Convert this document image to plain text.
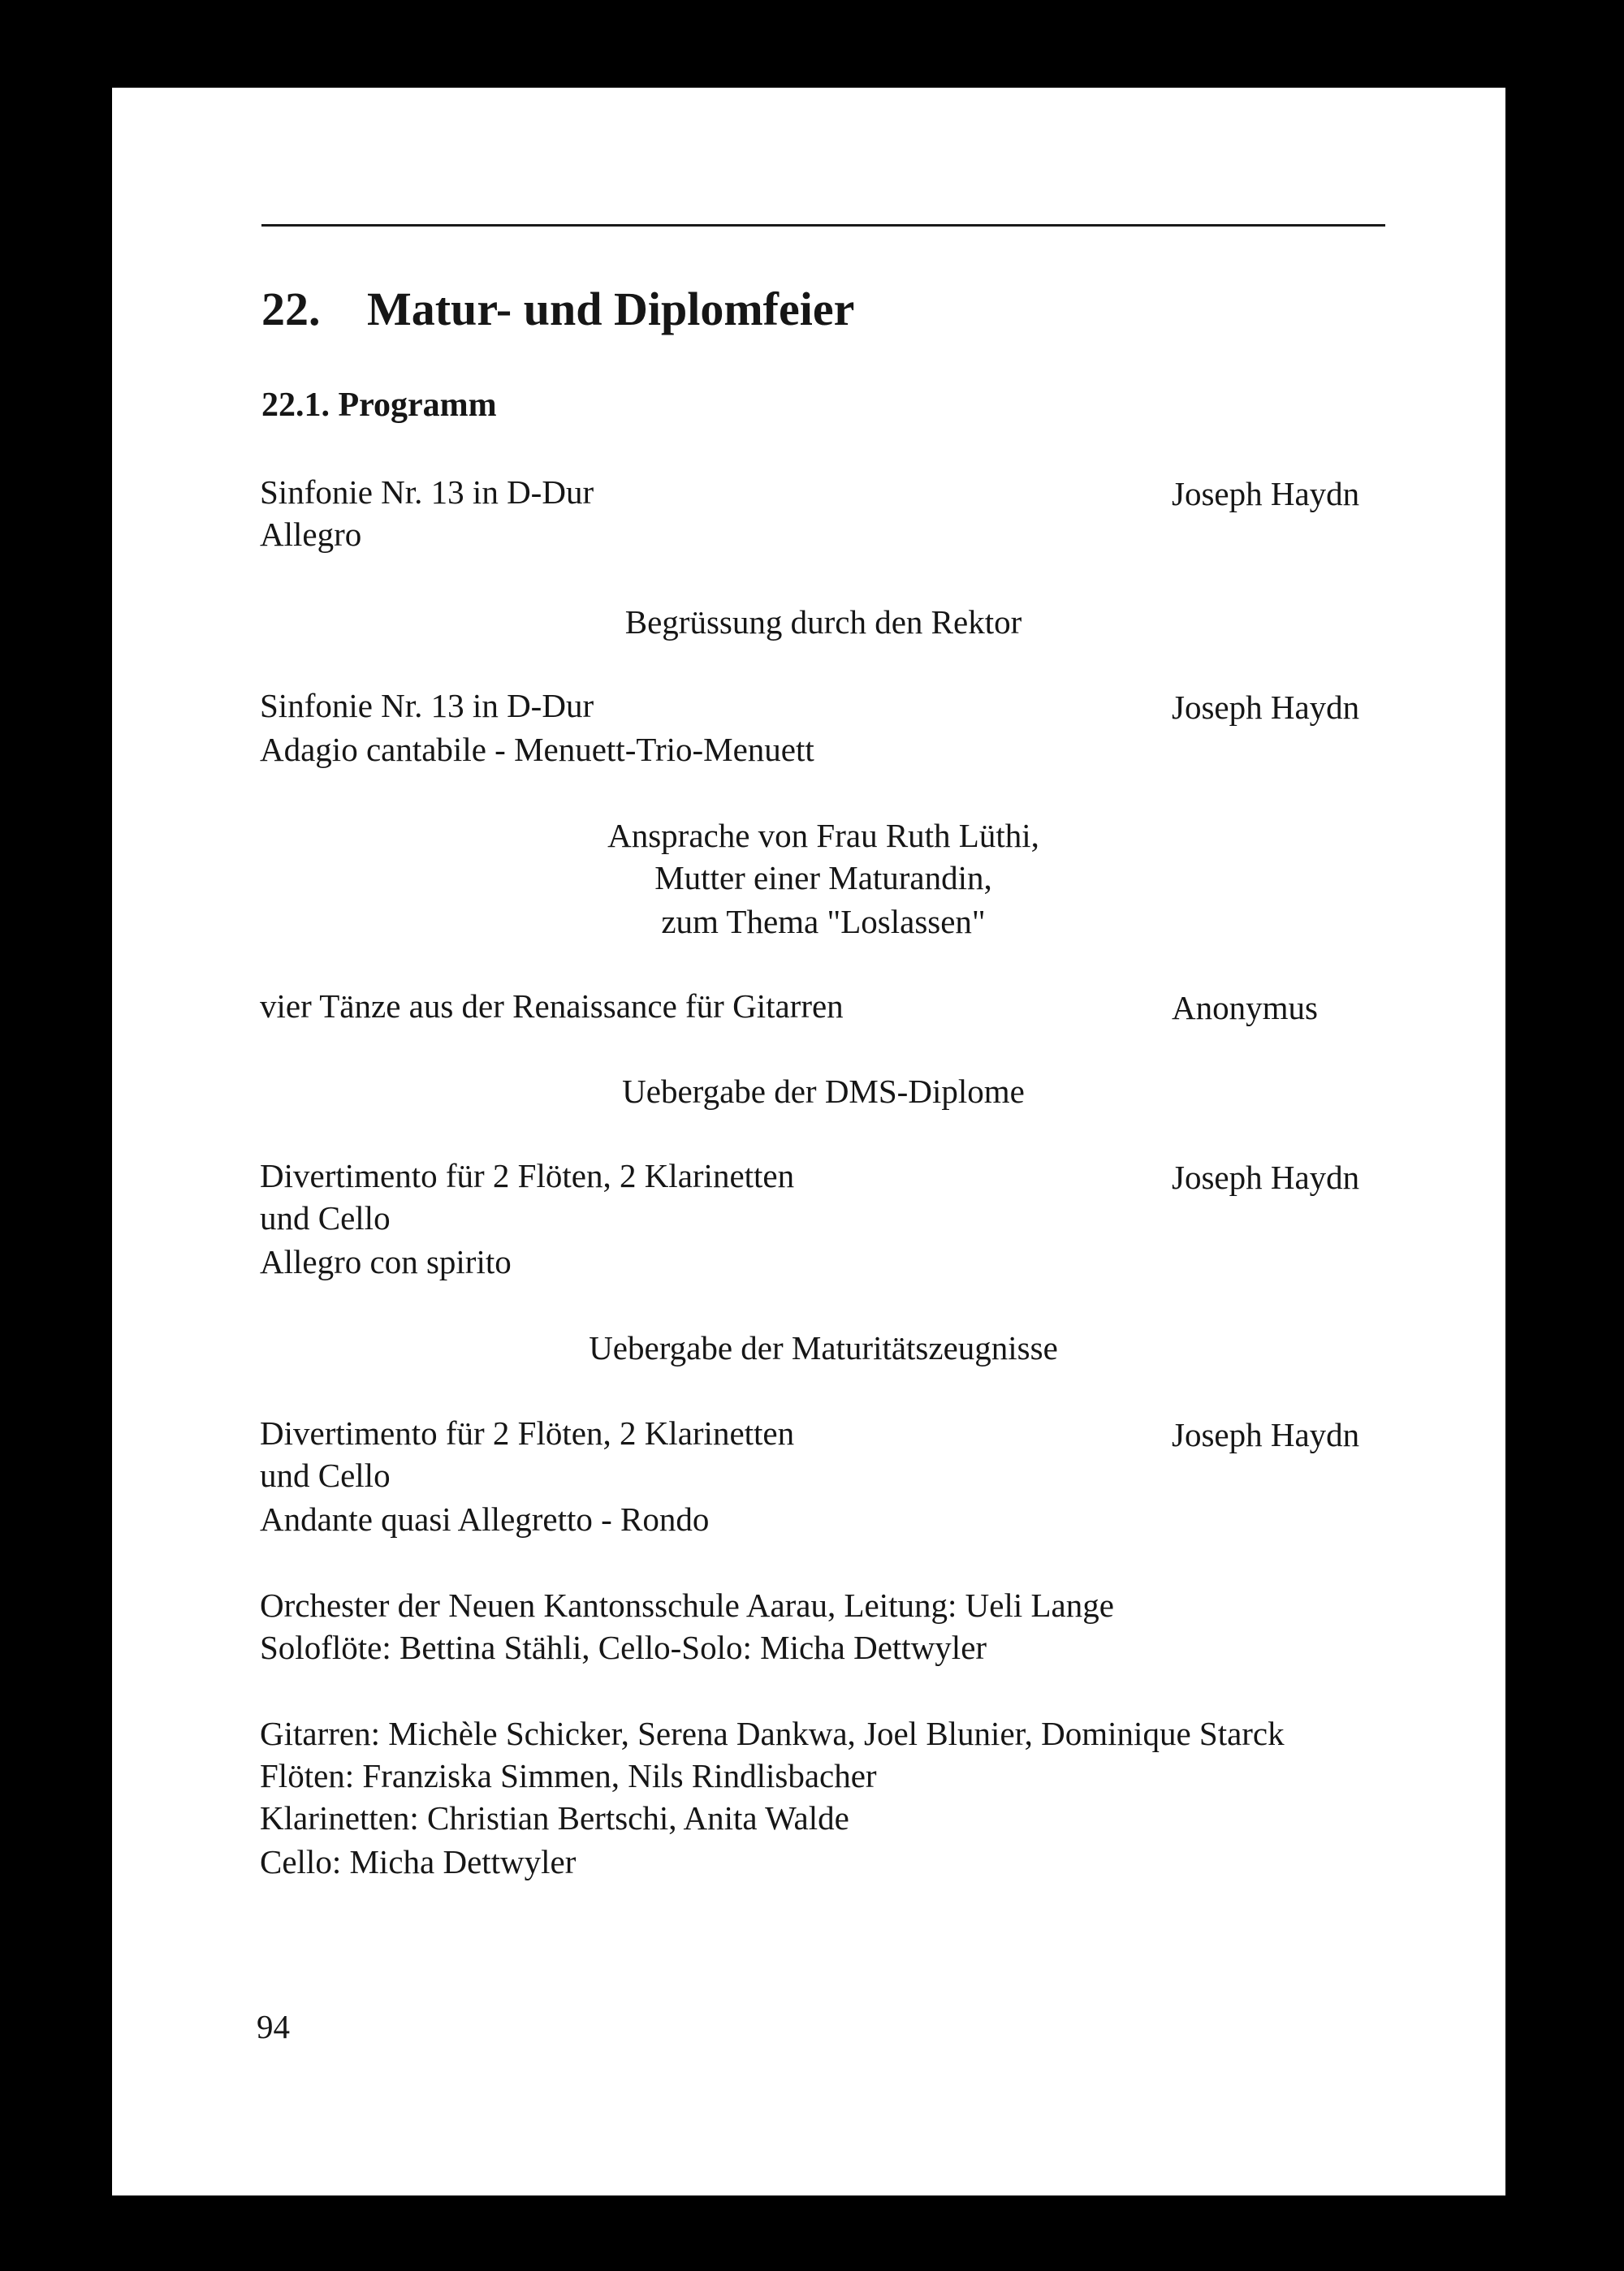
22. Matur- und Diplomfeier
22.1. Programm
Sinfonie Nr. 13 in D-Dur
Allegro
Joseph Haydn
Begrüssung durch den Rektor
Sinfonie Nr. 13 in D-Dur
Adagio cantabile - Menuett-Trio-Menuett
Joseph Haydn
Ansprache von Frau Ruth Lüthi,
Mutter einer Maturandin,
zum Thema "Loslassen"
vier Tänze aus der Renaissance für Gitarren	Anonymus
Uebergabe der DMS-Diplome
Divertimento für 2 Flöten, 2 Klarinetten
und Cello
Allegro con spirito
Joseph Haydn
Uebergabe der Maturitätszeugnisse
Divertimento für 2 Flöten, 2 Klarinetten
und Cello
Andante quasi Allegretto - Rondo
Joseph Haydn
Orchester der Neuen Kantonsschule Aarau, Leitung: Ueli Lange
Soloflöte: Bettina Stähli, Cello-Solo: Micha Dettwyler
Gitarren: Michèle Schicker, Serena Dankwa, Joel Blunier, Dominique Starck
Flöten: Franziska Simmen, Nils Rindlisbacher
Klarinetten: Christian Bertschi, Anita Walde
Cello: Micha Dettwyler
94
